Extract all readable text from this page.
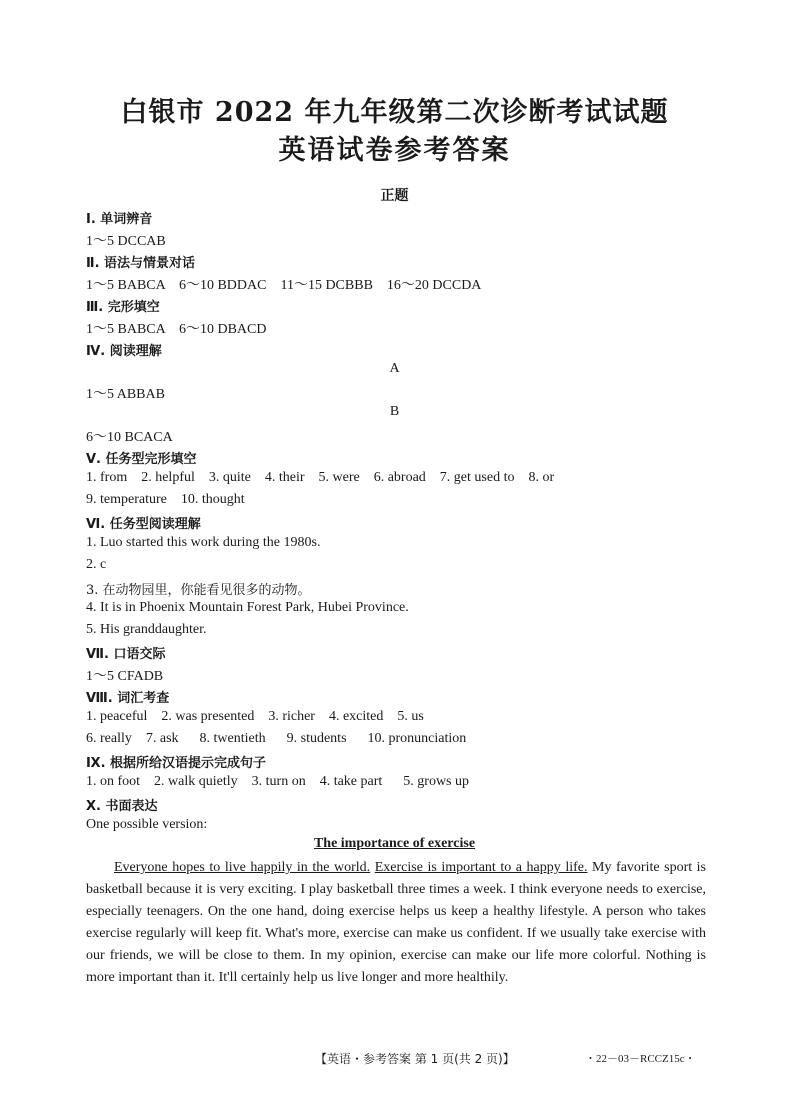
白银市 2022 年九年级第二次诊断考试试题
英语试卷参考答案
正题
Ⅰ. 单词辨音
1～5 DCCAB
Ⅱ. 语法与情景对话
1～5 BABCA    6～10 BDDAC    11～15 DCBBB    16～20 DCCDA
Ⅲ. 完形填空
1～5 BABCA    6～10 DBACD
Ⅳ. 阅读理解
A
1～5 ABBAB
B
6～10 BCACA
Ⅴ. 任务型完形填空
1. from    2. helpful    3. quite    4. their    5. were    6. abroad    7. get used to    8. or
9. temperature    10. thought
Ⅵ. 任务型阅读理解
1. Luo started this work during the 1980s.
2. c
3. 在动物园里，你能看见很多的动物。
4. It is in Phoenix Mountain Forest Park, Hubei Province.
5. His granddaughter.
Ⅶ. 口语交际
1～5 CFADB
Ⅷ. 词汇考查
1. peaceful    2. was presented    3. richer    4. excited    5. us
6. really    7. ask      8. twentieth      9. students      10. pronunciation
Ⅸ. 根据所给汉语提示完成句子
1. on foot    2. walk quietly    3. turn on    4. take part      5. grows up
Ⅹ. 书面表达
One possible version:
The importance of exercise
Everyone hopes to live happily in the world. Exercise is important to a happy life. My favorite sport is basketball because it is very exciting. I play basketball three times a week. I think everyone needs to exercise, especially teenagers. On the one hand, doing exercise helps us keep a healthy lifestyle. A person who takes exercise regularly will keep fit. What's more, exercise can make us confident. If we usually take exercise with our friends, we will be close to them. In my opinion, exercise can make our life more colorful. Nothing is more important than it. It'll certainly help us live longer and more healthily.
【英语・参考答案 第 1 页(共 2 页)】	・22－03－RCCZ15c・
